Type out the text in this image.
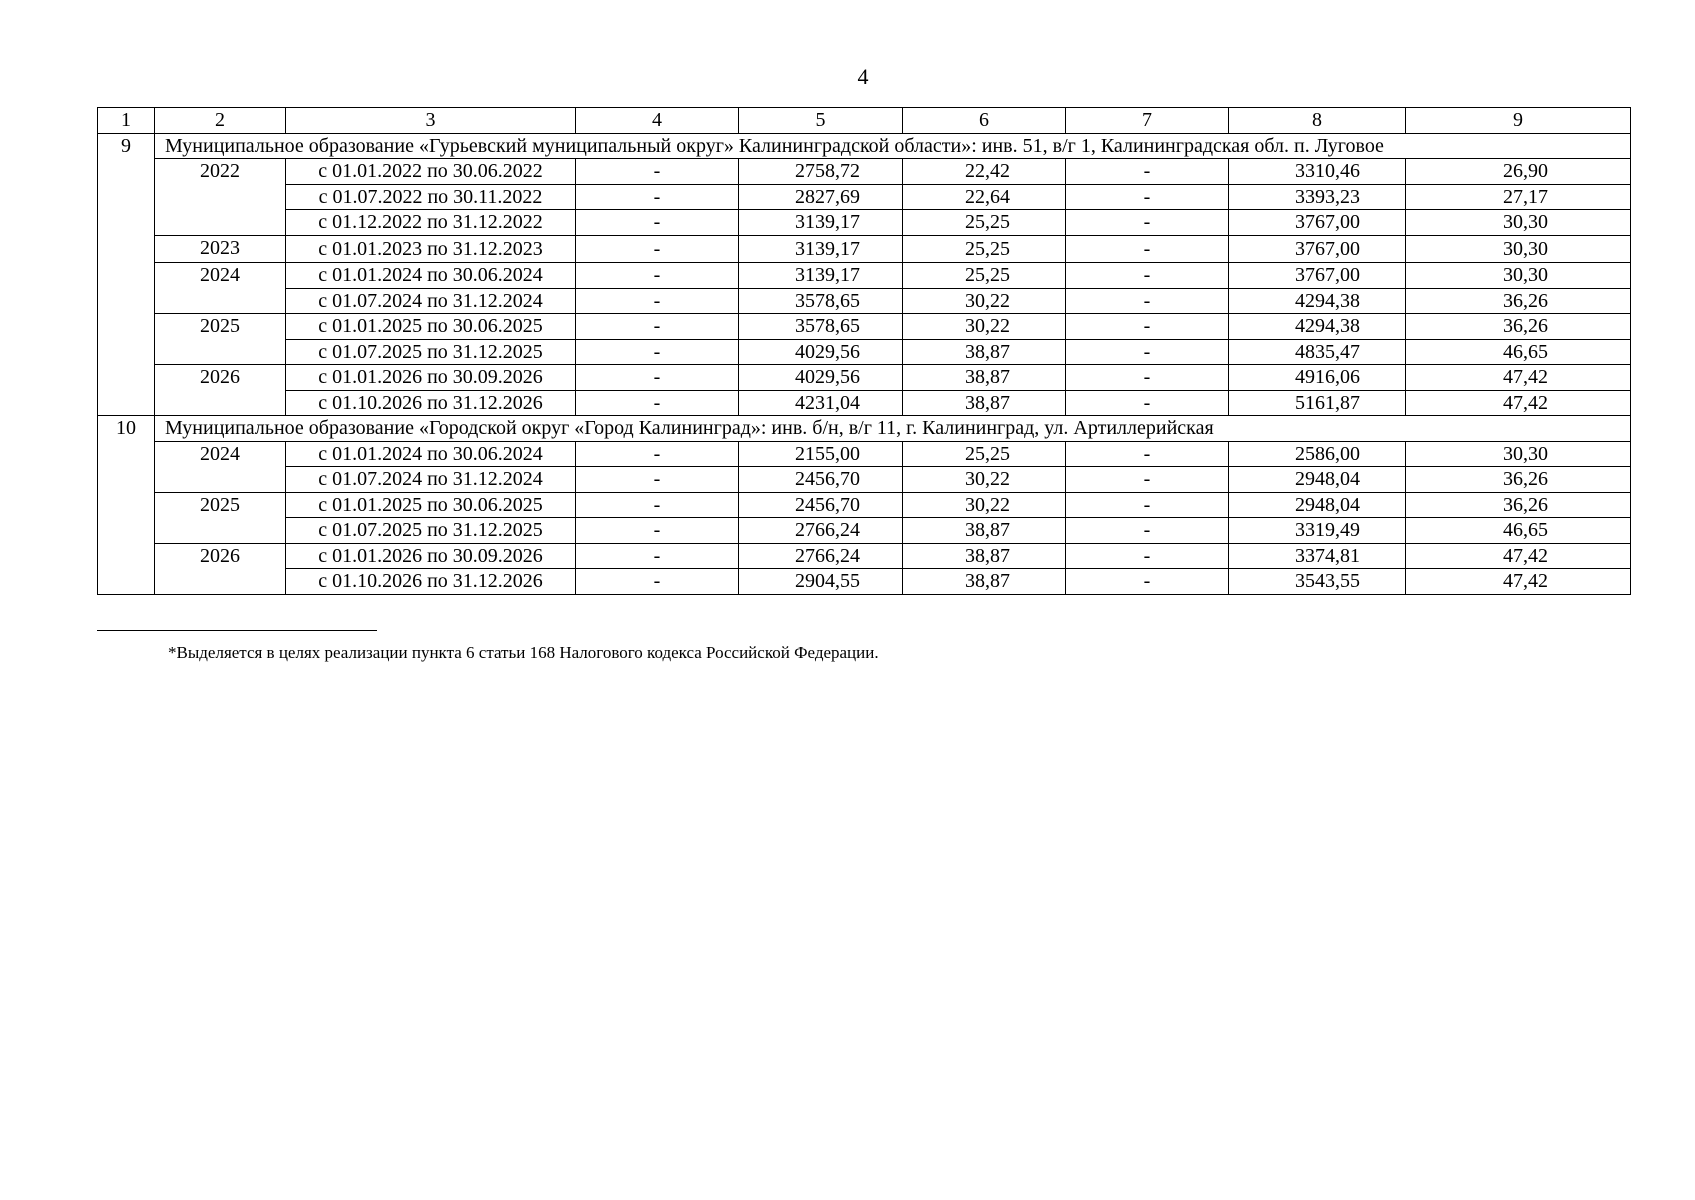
4
1	2	3	4	5	6	7	8	9
9	Муниципальное образование «Гурьевский муниципальный округ» Калининградской области»: инв. 51, в/г 1, Калининградская обл. п. Луговое							
	2022	с 01.01.2022 по 30.06.2022	-	2758,72	22,42	-	3310,46	26,90
		с 01.07.2022 по 30.11.2022	-	2827,69	22,64	-	3393,23	27,17
		с 01.12.2022 по 31.12.2022	-	3139,17	25,25	-	3767,00	30,30
	2023	с 01.01.2023 по 31.12.2023	-	3139,17	25,25	-	3767,00	30,30
	2024	с 01.01.2024 по 30.06.2024	-	3139,17	25,25	-	3767,00	30,30
		с 01.07.2024 по 31.12.2024	-	3578,65	30,22	-	4294,38	36,26
	2025	с 01.01.2025 по 30.06.2025	-	3578,65	30,22	-	4294,38	36,26
		с 01.07.2025 по 31.12.2025	-	4029,56	38,87	-	4835,47	46,65
	2026	с 01.01.2026 по 30.09.2026	-	4029,56	38,87	-	4916,06	47,42
		с 01.10.2026 по 31.12.2026	-	4231,04	38,87	-	5161,87	47,42
10	Муниципальное образование «Городской округ «Город Калининград»: инв. б/н, в/г 11, г. Калининград, ул. Артиллерийская							
	2024	с 01.01.2024 по 30.06.2024	-	2155,00	25,25	-	2586,00	30,30
		с 01.07.2024 по 31.12.2024	-	2456,70	30,22	-	2948,04	36,26
	2025	с 01.01.2025 по 30.06.2025	-	2456,70	30,22	-	2948,04	36,26
		с 01.07.2025 по 31.12.2025	-	2766,24	38,87	-	3319,49	46,65
	2026	с 01.01.2026 по 30.09.2026	-	2766,24	38,87	-	3374,81	47,42
		с 01.10.2026 по 31.12.2026	-	2904,55	38,87	-	3543,55	47,42
*Выделяется в целях реализации пункта 6 статьи 168 Налогового кодекса Российской Федерации.
